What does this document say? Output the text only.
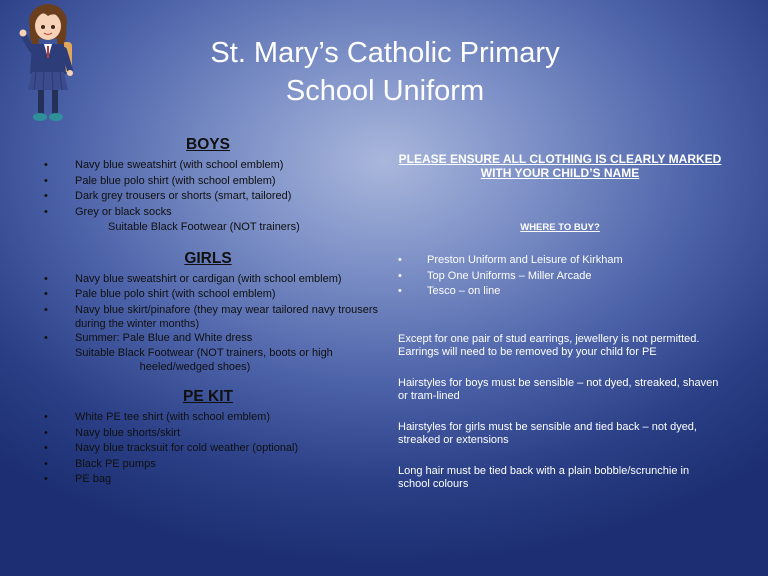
St. Mary’s Catholic Primary
School Uniform
BOYS
• Navy blue sweatshirt (with school emblem)
• Pale blue polo shirt (with school emblem)
• Dark grey trousers or shorts (smart, tailored)
• Grey or black socks
Suitable Black Footwear (NOT trainers)
GIRLS
• Navy blue sweatshirt or cardigan (with school emblem)
• Pale blue polo shirt (with school emblem)
• Navy blue skirt/pinafore (they may wear tailored navy trousers during the winter months)
• Summer: Pale Blue and White dress
Suitable Black Footwear (NOT trainers, boots or high
heeled/wedged shoes)
PE KIT
• White PE tee shirt (with school emblem)
• Navy blue shorts/skirt
• Navy blue tracksuit for cold weather (optional)
• Black PE pumps
• PE bag
PLEASE ENSURE ALL CLOTHING IS CLEARLY MARKED
WITH YOUR CHILD’S NAME
WHERE TO BUY?
• Preston Uniform and Leisure of Kirkham
• Top One Uniforms – Miller Arcade
• Tesco – on line

Except for one pair of stud earrings, jewellery is not permitted. Earrings will need to be removed by your child for PE

Hairstyles for boys must be sensible – not dyed, streaked, shaven or tram-lined

Hairstyles for girls must be sensible and tied back – not dyed, streaked or extensions

Long hair must be tied back with a plain bobble/scrunchie in school colours
